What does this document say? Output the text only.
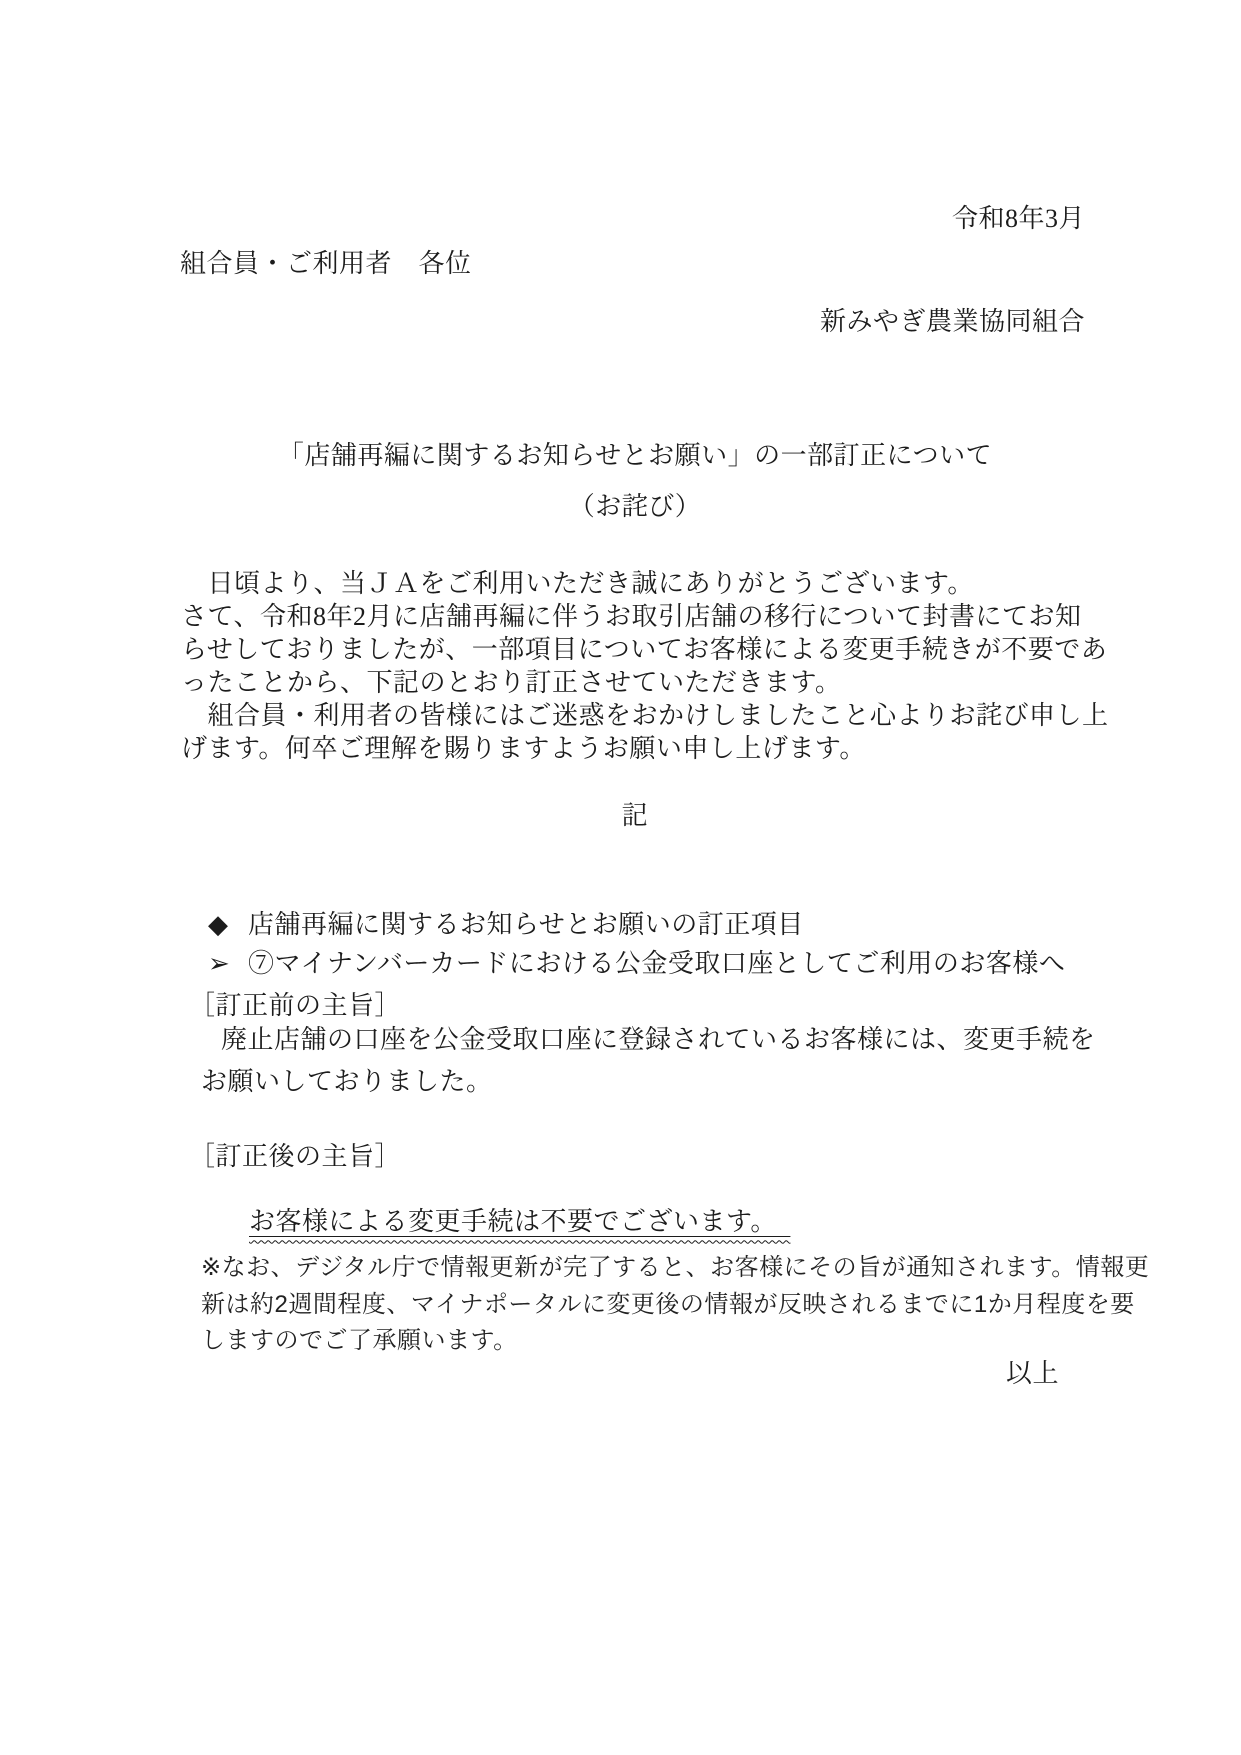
令和8年3月
組合員・ご利用者　各位
新みやぎ農業協同組合
「店舗再編に関するお知らせとお願い」の一部訂正について
（お詫び）
　日頃より、当ＪＡをご利用いただき誠にありがとうございます。
さて、令和8年2月に店舗再編に伴うお取引店舗の移行について封書にてお知
らせしておりましたが、一部項目についてお客様による変更手続きが不要であ
ったことから、下記のとおり訂正させていただきます。
　組合員・利用者の皆様にはご迷惑をおかけしましたこと心よりお詫び申し上
げます。何卒ご理解を賜りますようお願い申し上げます。
記

◆ 店舗再編に関するお知らせとお願いの訂正項目

➢ ⑦マイナンバーカードにおける公金受取口座としてご利用のお客様へ

［訂正前の主旨］
廃止店舗の口座を公金受取口座に登録されているお客様には、変更手続を
お願いしておりました。
［訂正後の主旨］

お客様による変更手続は不要でございます。　

※なお、デジタル庁で情報更新が完了すると、お客様にその旨が通知されます。情報更
新は約2週間程度、マイナポータルに変更後の情報が反映されるまでに1か月程度を要
しますのでご了承願います。
以上
